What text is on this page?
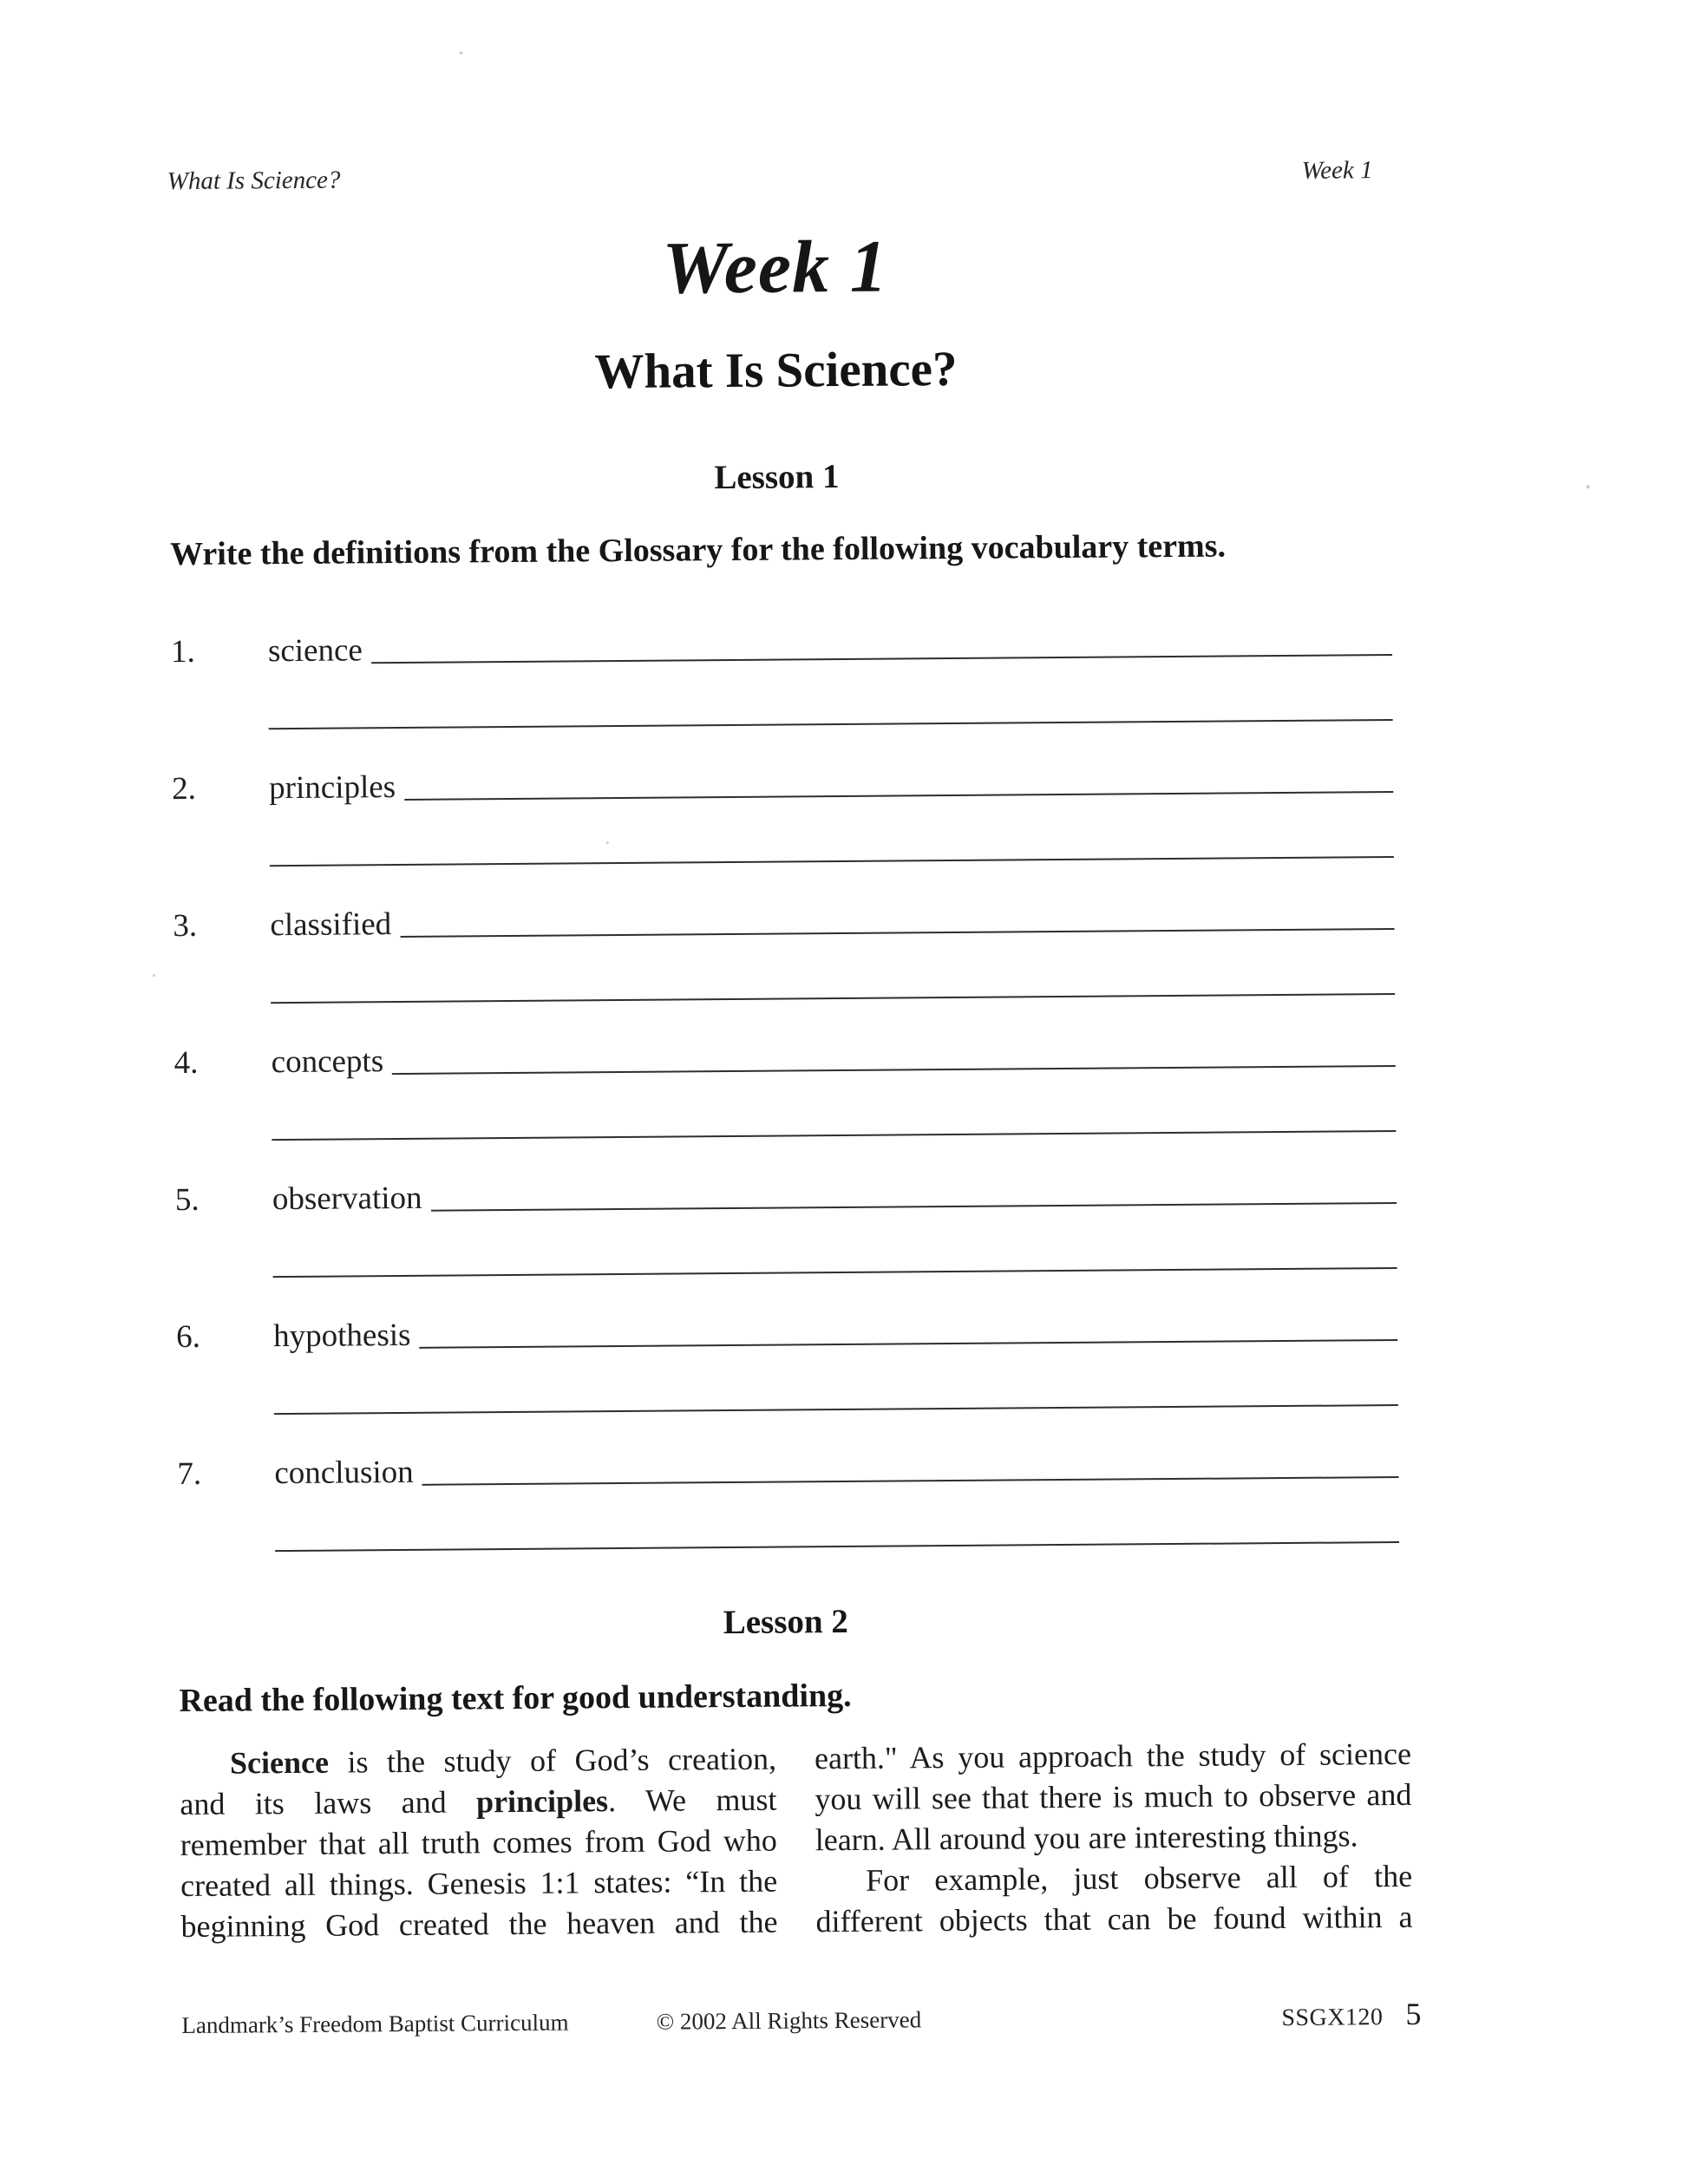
What Is Science?	Week 1
Week 1
What Is Science?
Lesson 1
Write the definitions from the Glossary for the following vocabulary terms.
1.	science
2.	principles
3.	classified
4.	concepts
5.	observation
6.	hypothesis
7.	conclusion
Lesson 2
Read the following text for good understanding.
Science is the study of God’s creation,
and its laws and principles. We must
remember that all truth comes from God who
created all things. Genesis 1:1 states: “In the
beginning God created the heaven and the
earth." As you approach the study of science
you will see that there is much to observe and
learn. All around you are interesting things.
For example, just observe all of the
different objects that can be found within a
Landmark’s Freedom Baptist Curriculum	© 2002 All Rights Reserved	SSGX120 5
